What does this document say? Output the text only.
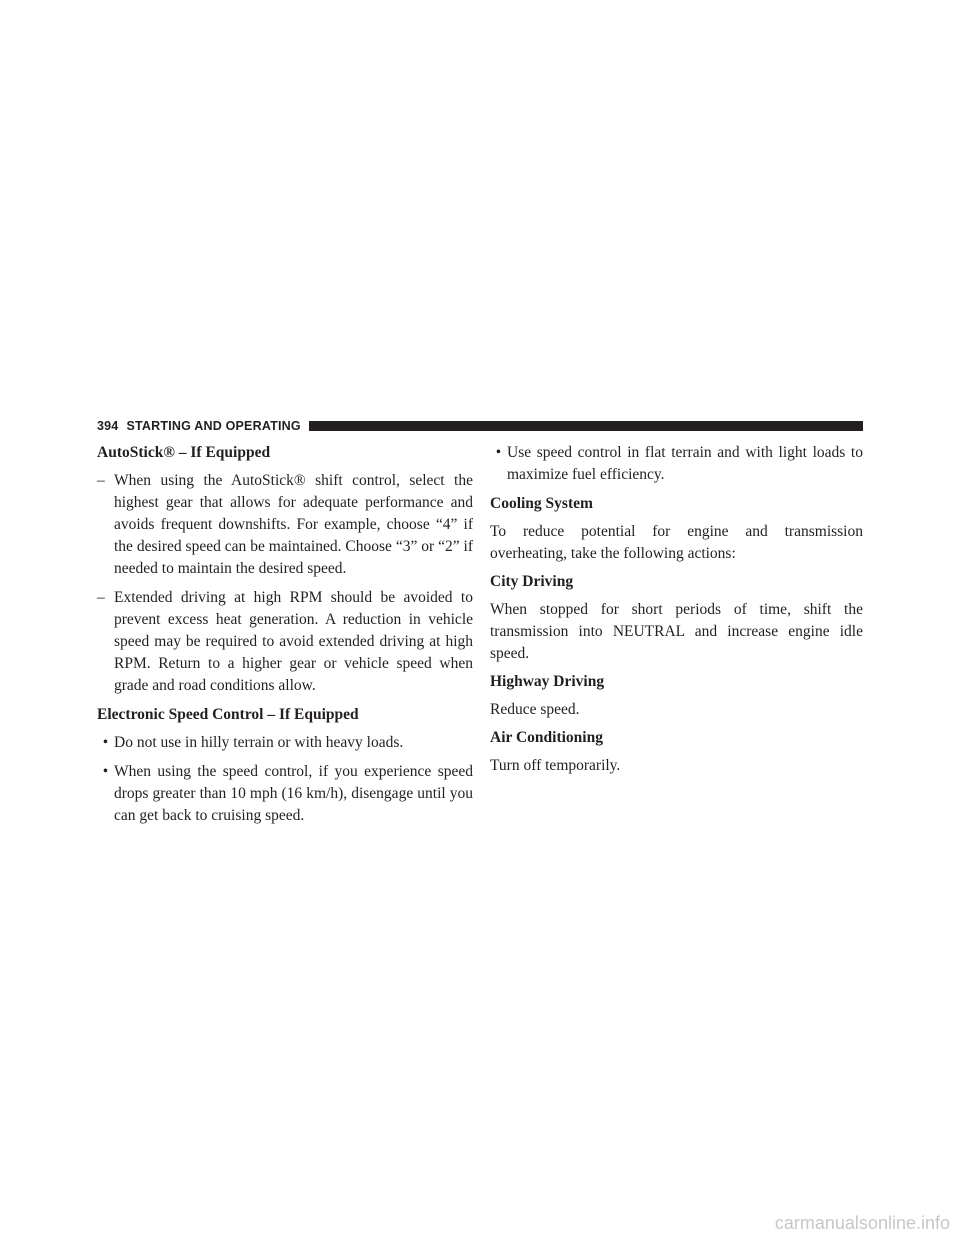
394 STARTING AND OPERATING
AutoStick® – If Equipped
– When using the AutoStick® shift control, select the highest gear that allows for adequate performance and avoids frequent downshifts. For example, choose “4” if the desired speed can be maintained. Choose “3” or “2” if needed to maintain the desired speed.
– Extended driving at high RPM should be avoided to prevent excess heat generation. A reduction in vehicle speed may be required to avoid extended driving at high RPM. Return to a higher gear or vehicle speed when grade and road conditions allow.
Electronic Speed Control – If Equipped
• Do not use in hilly terrain or with heavy loads.
• When using the speed control, if you experience speed drops greater than 10 mph (16 km/h), disengage until you can get back to cruising speed.
• Use speed control in flat terrain and with light loads to maximize fuel efficiency.
Cooling System

To reduce potential for engine and transmission overheating, take the following actions:

City Driving

When stopped for short periods of time, shift the transmission into NEUTRAL and increase engine idle speed.

Highway Driving

Reduce speed.

Air Conditioning

Turn off temporarily.

carmanualsonline.info
